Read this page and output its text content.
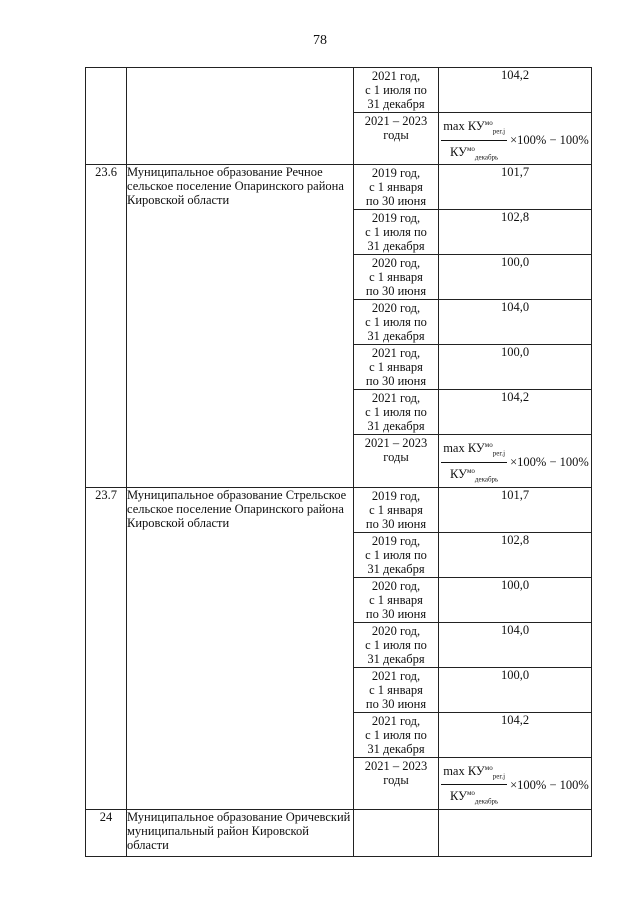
78

		2021 год,
с 1 июля по
31 декабря	104,2

		2021 – 2023
годы	$\frac{\max КУ^{мо}_{рег.j}}{КУ^{мо}_{декабрь}} \times 100\% - 100\%$

23.6	Муниципальное образование Речное сельское поселение Опаринского района Кировской области	2019 год,
с 1 января
по 30 июня	101,7

		2019 год,
с 1 июля по
31 декабря	102,8

		2020 год,
с 1 января
по 30 июня	100,0

		2020 год,
с 1 июля по
31 декабря	104,0

		2021 год,
с 1 января
по 30 июня	100,0

		2021 год,
с 1 июля по
31 декабря	104,2

		2021 – 2023
годы	$\frac{\max КУ^{мо}_{рег.j}}{КУ^{мо}_{декабрь}} \times 100\% - 100\%$

23.7	Муниципальное образование Стрельское сельское поселение Опаринского района Кировской области	2019 год,
с 1 января
по 30 июня	101,7

		2019 год,
с 1 июля по
31 декабря	102,8

		2020 год,
с 1 января
по 30 июня	100,0

		2020 год,
с 1 июля по
31 декабря	104,0

		2021 год,
с 1 января
по 30 июня	100,0

		2021 год,
с 1 июля по
31 декабря	104,2

		2021 – 2023
годы	$\frac{\max КУ^{мо}_{рег.j}}{КУ^{мо}_{декабрь}} \times 100\% - 100\%$

24	Муниципальное образование Оричевский муниципальный район Кировской области		
